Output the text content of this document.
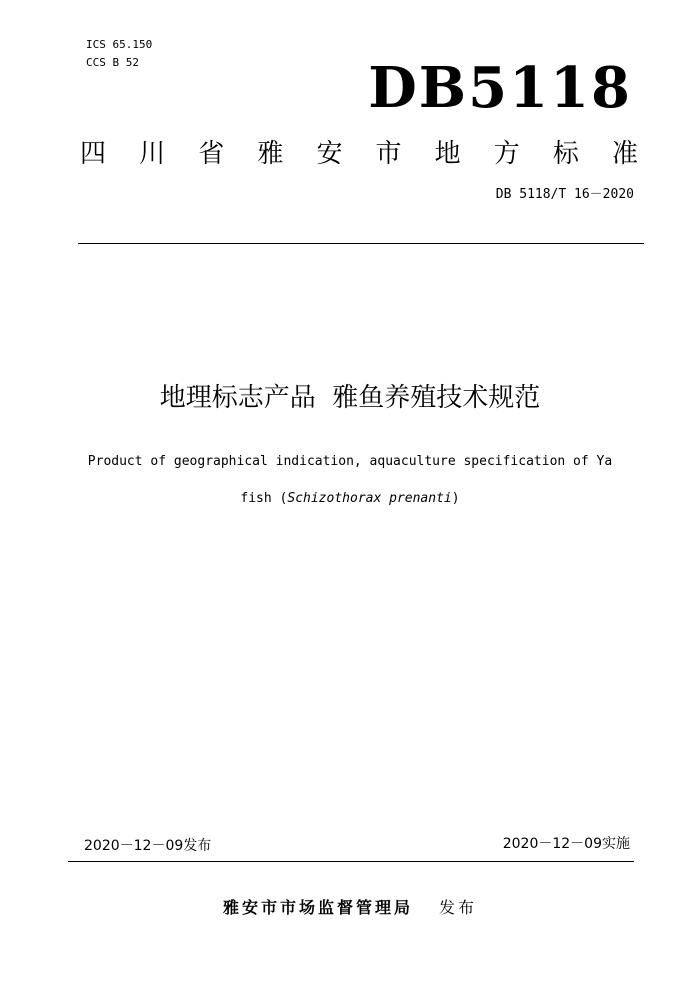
ICS 65.150
CCS B 52	DB5118
四 川 省 雅 安 市 地 方 标 准
DB 5118/T 16－2020
地理标志产品  雅鱼养殖技术规范
Product of geographical indication, aquaculture specification of Ya
fish (Schizothorax prenanti)
2020－12－09发布	2020－12－09实施
雅安市市场监督管理局 发布
